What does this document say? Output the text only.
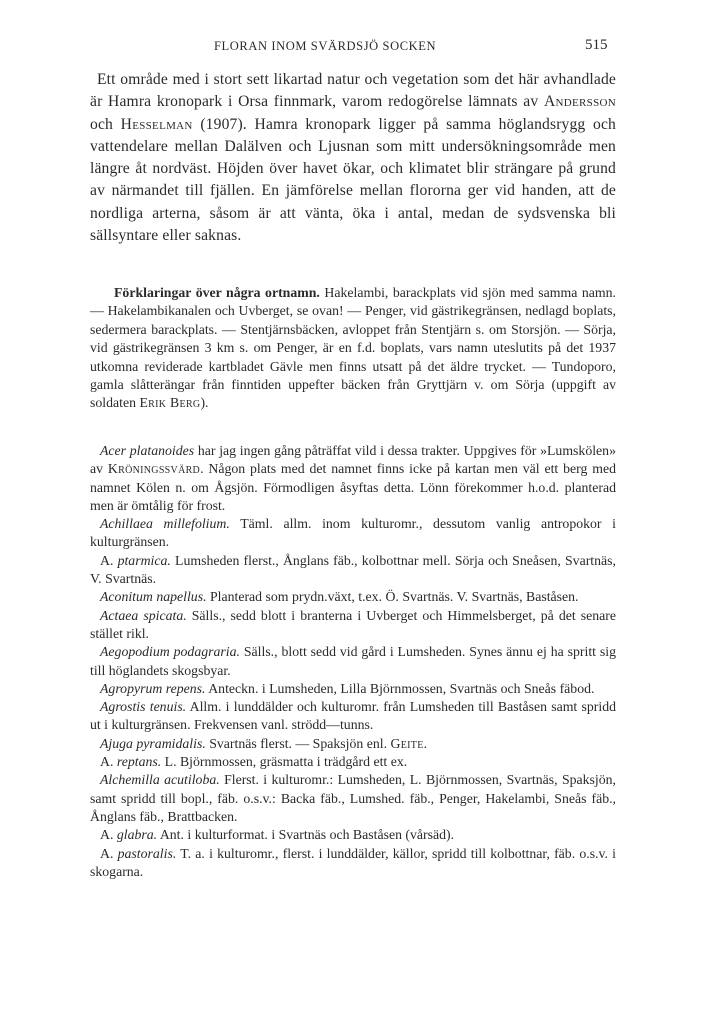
FLORAN INOM SVÄRDSJÖ SOCKEN	515

Ett område med i stort sett likartad natur och vegetation som det här avhandlade är Hamra kronopark i Orsa finnmark, varom redogörelse lämnats av Andersson och Hesselman (1907). Hamra kronopark ligger på samma höglandsrygg och vattendelare mellan Dalälven och Ljusnan som mitt undersökningsområde men längre åt nordväst. Höjden över havet ökar, och klimatet blir strängare på grund av närmandet till fjällen. En jämförelse mellan flororna ger vid handen, att de nordliga arterna, såsom är att vänta, öka i antal, medan de sydsvenska bli sällsyntare eller saknas.

Förklaringar över några ortnamn. Hakelambi, barackplats vid sjön med samma namn. — Hakelambikanalen och Uvberget, se ovan! — Penger, vid gästrikegränsen, nedlagd boplats, sedermera barackplats. — Stentjärnsbäcken, avloppet från Stentjärn s. om Storsjön. — Sörja, vid gästrikegränsen 3 km s. om Penger, är en f.d. boplats, vars namn uteslutits på det 1937 utkomna reviderade kartbladet Gävle men finns utsatt på det äldre trycket. — Tundoporo, gamla slåtterängar från finntiden uppefter bäcken från Gryttjärn v. om Sörja (uppgift av soldaten Erik Berg).

Acer platanoides har jag ingen gång påträffat vild i dessa trakter. Uppgives för »Lumskölen» av Kröningssvärd. Någon plats med det namnet finns icke på kartan men väl ett berg med namnet Kölen n. om Ågsjön. Förmodligen åsyftas detta. Lönn förekommer h.o.d. planterad men är ömtålig för frost.

Achillaea millefolium. Täml. allm. inom kulturomr., dessutom vanlig antropokor i kulturgränsen.

A. ptarmica. Lumsheden flerst., Ånglans fäb., kolbottnar mell. Sörja och Sneåsen, Svartnäs, V. Svartnäs.

Aconitum napellus. Planterad som prydn.växt, t.ex. Ö. Svartnäs. V. Svartnäs, Baståsen.

Actaea spicata. Sälls., sedd blott i branterna i Uvberget och Himmelsberget, på det senare stället rikl.

Aegopodium podagraria. Sälls., blott sedd vid gård i Lumsheden. Synes ännu ej ha spritt sig till höglandets skogsbyar.

Agropyrum repens. Anteckn. i Lumsheden, Lilla Björnmossen, Svartnäs och Sneås fäbod.

Agrostis tenuis. Allm. i lunddälder och kulturomr. från Lumsheden till Baståsen samt spridd ut i kulturgränsen. Frekvensen vanl. strödd—tunns.

Ajuga pyramidalis. Svartnäs flerst. — Spaksjön enl. Geite.

A. reptans. L. Björnmossen, gräsmatta i trädgård ett ex.

Alchemilla acutiloba. Flerst. i kulturomr.: Lumsheden, L. Björnmossen, Svartnäs, Spaksjön, samt spridd till bopl., fäb. o.s.v.: Backa fäb., Lumshed. fäb., Penger, Hakelambi, Sneås fäb., Ånglans fäb., Brattbacken.

A. glabra. Ant. i kulturformat. i Svartnäs och Baståsen (vårsäd).

A. pastoralis. T. a. i kulturomr., flerst. i lunddälder, källor, spridd till kolbottnar, fäb. o.s.v. i skogarna.
